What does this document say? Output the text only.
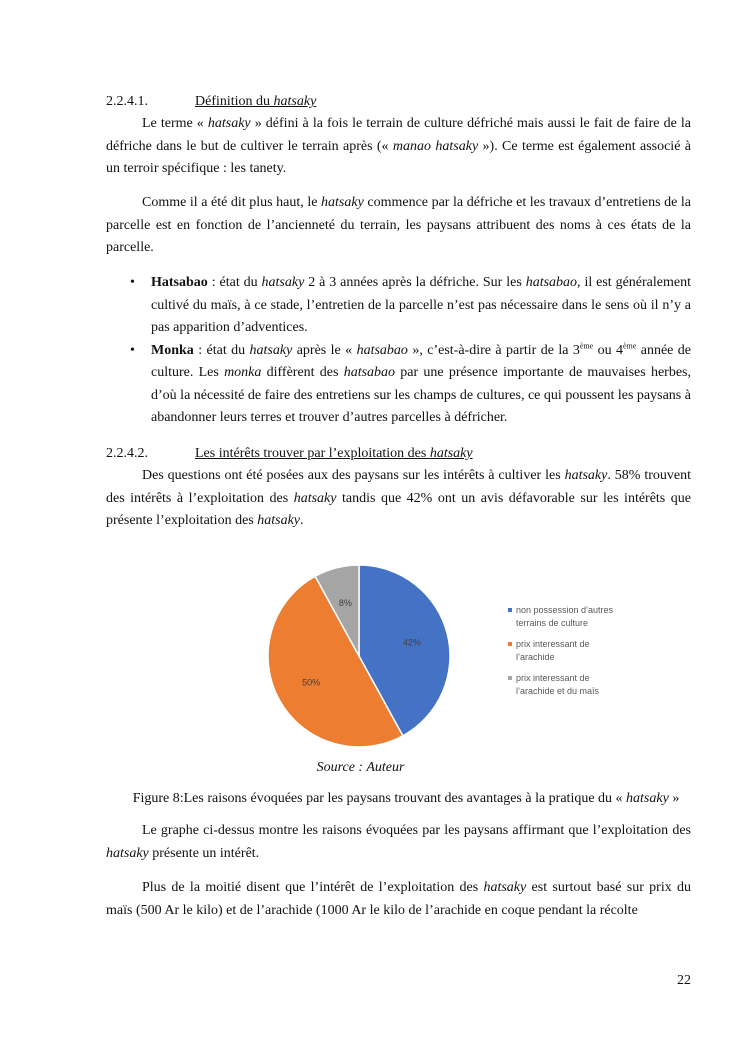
2.2.4.1.	Définition du hatsaky
Le terme « hatsaky » défini à la fois le terrain de culture défriché mais aussi le fait de faire de la défriche dans le but de cultiver le terrain après (« manao hatsaky »). Ce terme est également associé à un terroir spécifique : les tanety.
Comme il a été dit plus haut, le hatsaky commence par la défriche et les travaux d’entretiens de la parcelle est en fonction de l’ancienneté du terrain, les paysans attribuent des noms à ces états de la parcelle.
• Hatsabao : état du hatsaky 2 à 3 années après la défriche. Sur les hatsabao, il est généralement cultivé du maïs, à ce stade, l’entretien de la parcelle n’est pas nécessaire dans le sens où il n’y a pas apparition d’adventices.
• Monka : état du hatsaky après le « hatsabao », c’est-à-dire à partir de la 3ème ou 4ème année de culture. Les monka diffèrent des hatsabao par une présence importante de mauvaises herbes, d’où la nécessité de faire des entretiens sur les champs de cultures, ce qui poussent les paysans à abandonner leurs terres et trouver d’autres parcelles à défricher.
2.2.4.2.	Les intérêts trouver par l’exploitation des hatsaky
Des questions ont été posées aux des paysans sur les intérêts à cultiver les hatsaky. 58% trouvent des intérêts à l’exploitation des hatsaky tandis que 42% ont un avis défavorable sur les intérêts que présente l’exploitation des hatsaky.
42%
50%
8%
non possession d’autres terrains de culture
prix interessant de l’arachide
prix interessant de l’arachide et du maïs
Source : Auteur
Figure 8:Les raisons évoquées par les paysans trouvant des avantages à la pratique du « hatsaky »
Le graphe ci-dessus montre les raisons évoquées par les paysans affirmant que l’exploitation des hatsaky présente un intérêt.
Plus de la moitié disent que l’intérêt de l’exploitation des hatsaky est surtout basé sur prix du maïs (500 Ar le kilo) et de l’arachide (1000 Ar le kilo de l’arachide en coque pendant la récolte
22
